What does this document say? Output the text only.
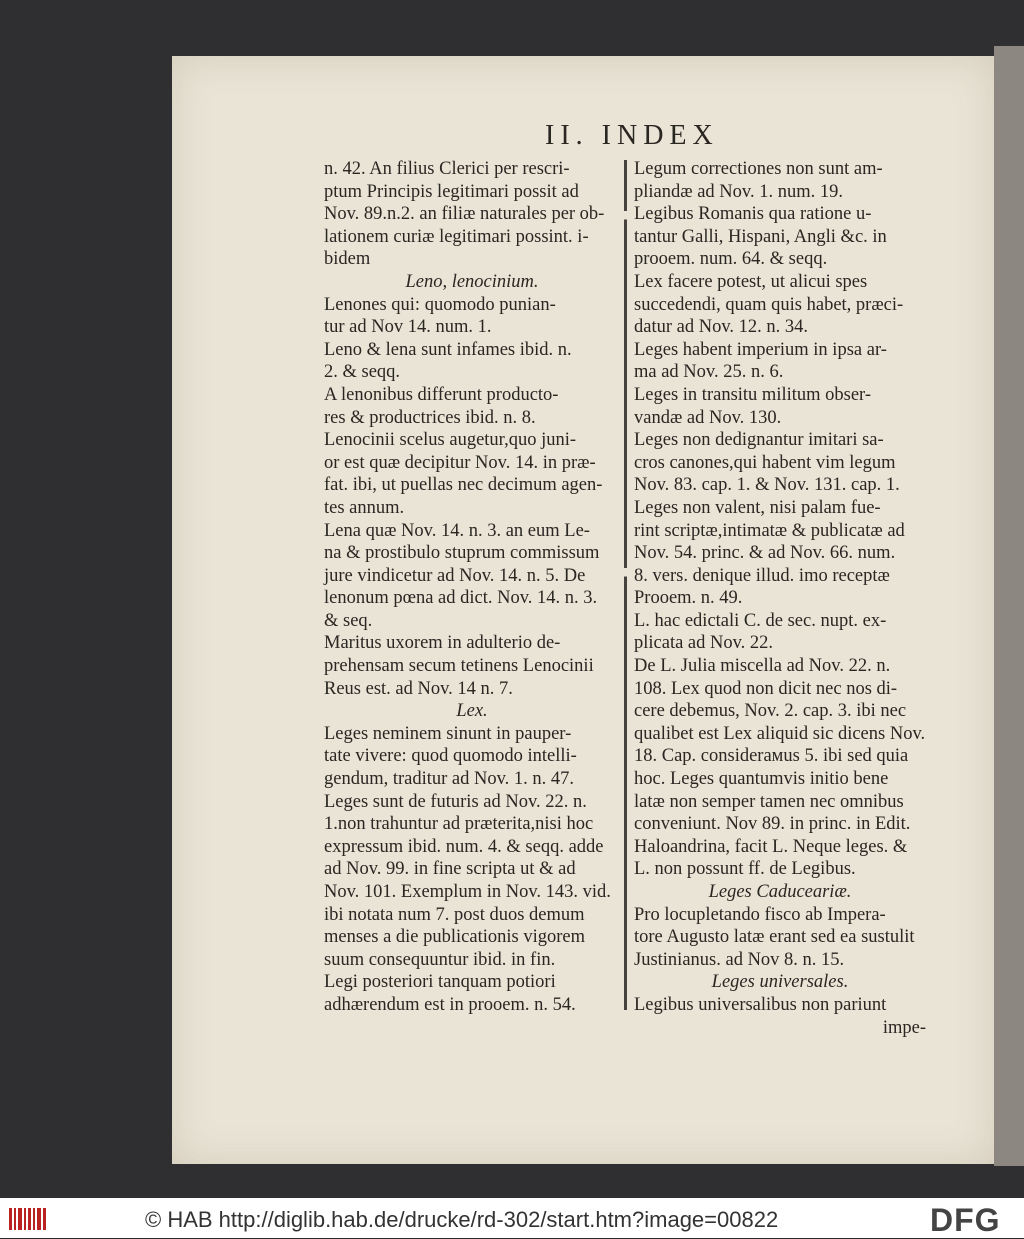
II. INDEX
n. 42. An filius Clerici per rescri-
ptum Principis legitimari possit ad
Nov. 89.n.2. an filiæ naturales per ob-
lationem curiæ legitimari possint. i-
bidem
Leno, lenocinium.
Lenones qui: quomodo punian-
tur ad Nov 14. num. 1.
Leno & lena sunt infames ibid. n.
2. & seqq.
A lenonibus differunt producto-
res & productrices ibid. n. 8.
Lenocinii scelus augetur,quo juni-
or est quæ decipitur Nov. 14. in præ-
fat. ibi, ut puellas nec decimum agen-
tes annum.
Lena quæ Nov. 14. n. 3. an eum Le-
na & prostibulo stuprum commissum
jure vindicetur ad Nov. 14. n. 5. De
lenonum pœna ad dict. Nov. 14. n. 3.
& seq.
Maritus uxorem in adulterio de-
prehensam secum tetinens Lenocinii
Reus est. ad Nov. 14 n. 7.
Lex.
Leges neminem sinunt in pauper-
tate vivere: quod quomodo intelli-
gendum, traditur ad Nov. 1. n. 47.
Leges sunt de futuris ad Nov. 22. n.
1.non trahuntur ad præterita,nisi hoc
expressum ibid. num. 4. & seqq. adde
ad Nov. 99. in fine scripta ut & ad
Nov. 101. Exemplum in Nov. 143. vid.
ibi notata num 7. post duos demum
menses a die publicationis vigorem
suum consequuntur ibid. in fin.
Legi posteriori tanquam potiori
adhærendum est in prooem. n. 54.
Legum correctiones non sunt am-
pliandæ ad Nov. 1. num. 19.
Legibus Romanis qua ratione u-
tantur Galli, Hispani, Angli &c. in
prooem. num. 64. & seqq.
Lex facere potest, ut alicui spes
succedendi, quam quis habet, præci-
datur ad Nov. 12. n. 34.
Leges habent imperium in ipsa ar-
ma ad Nov. 25. n. 6.
Leges in transitu militum obser-
vandæ ad Nov. 130.
Leges non dedignantur imitari sa-
cros canones,qui habent vim legum
Nov. 83. cap. 1. & Nov. 131. cap. 1.
Leges non valent, nisi palam fue-
rint scriptæ,intimatæ & publicatæ ad
Nov. 54. princ. & ad Nov. 66. num.
8. vers. denique illud. imo receptæ
Prooem. n. 49.
L. hac edictali C. de sec. nupt. ex-
plicata ad Nov. 22.
De L. Julia miscella ad Nov. 22. n.
108. Lex quod non dicit nec nos di-
cere debemus, Nov. 2. cap. 3. ibi nec
qualibet est Lex aliquid sic dicens Nov.
18. Cap. considerамus 5. ibi sed quia
hoc. Leges quantumvis initio bene
latæ non semper tamen nec omnibus
conveniunt. Nov 89. in princ. in Edit.
Haloandrina, facit L. Neque leges. &
L. non possunt ff. de Legibus.
Leges Caduceariæ.
Pro locupletando fisco ab Impera-
tore Augusto latæ erant sed ea sustulit
Justinianus. ad Nov 8. n. 15.
Leges universales.
Legibus universalibus non pariunt
impe-
© HAB http://diglib.hab.de/drucke/rd-302/start.htm?image=00822	DFG
